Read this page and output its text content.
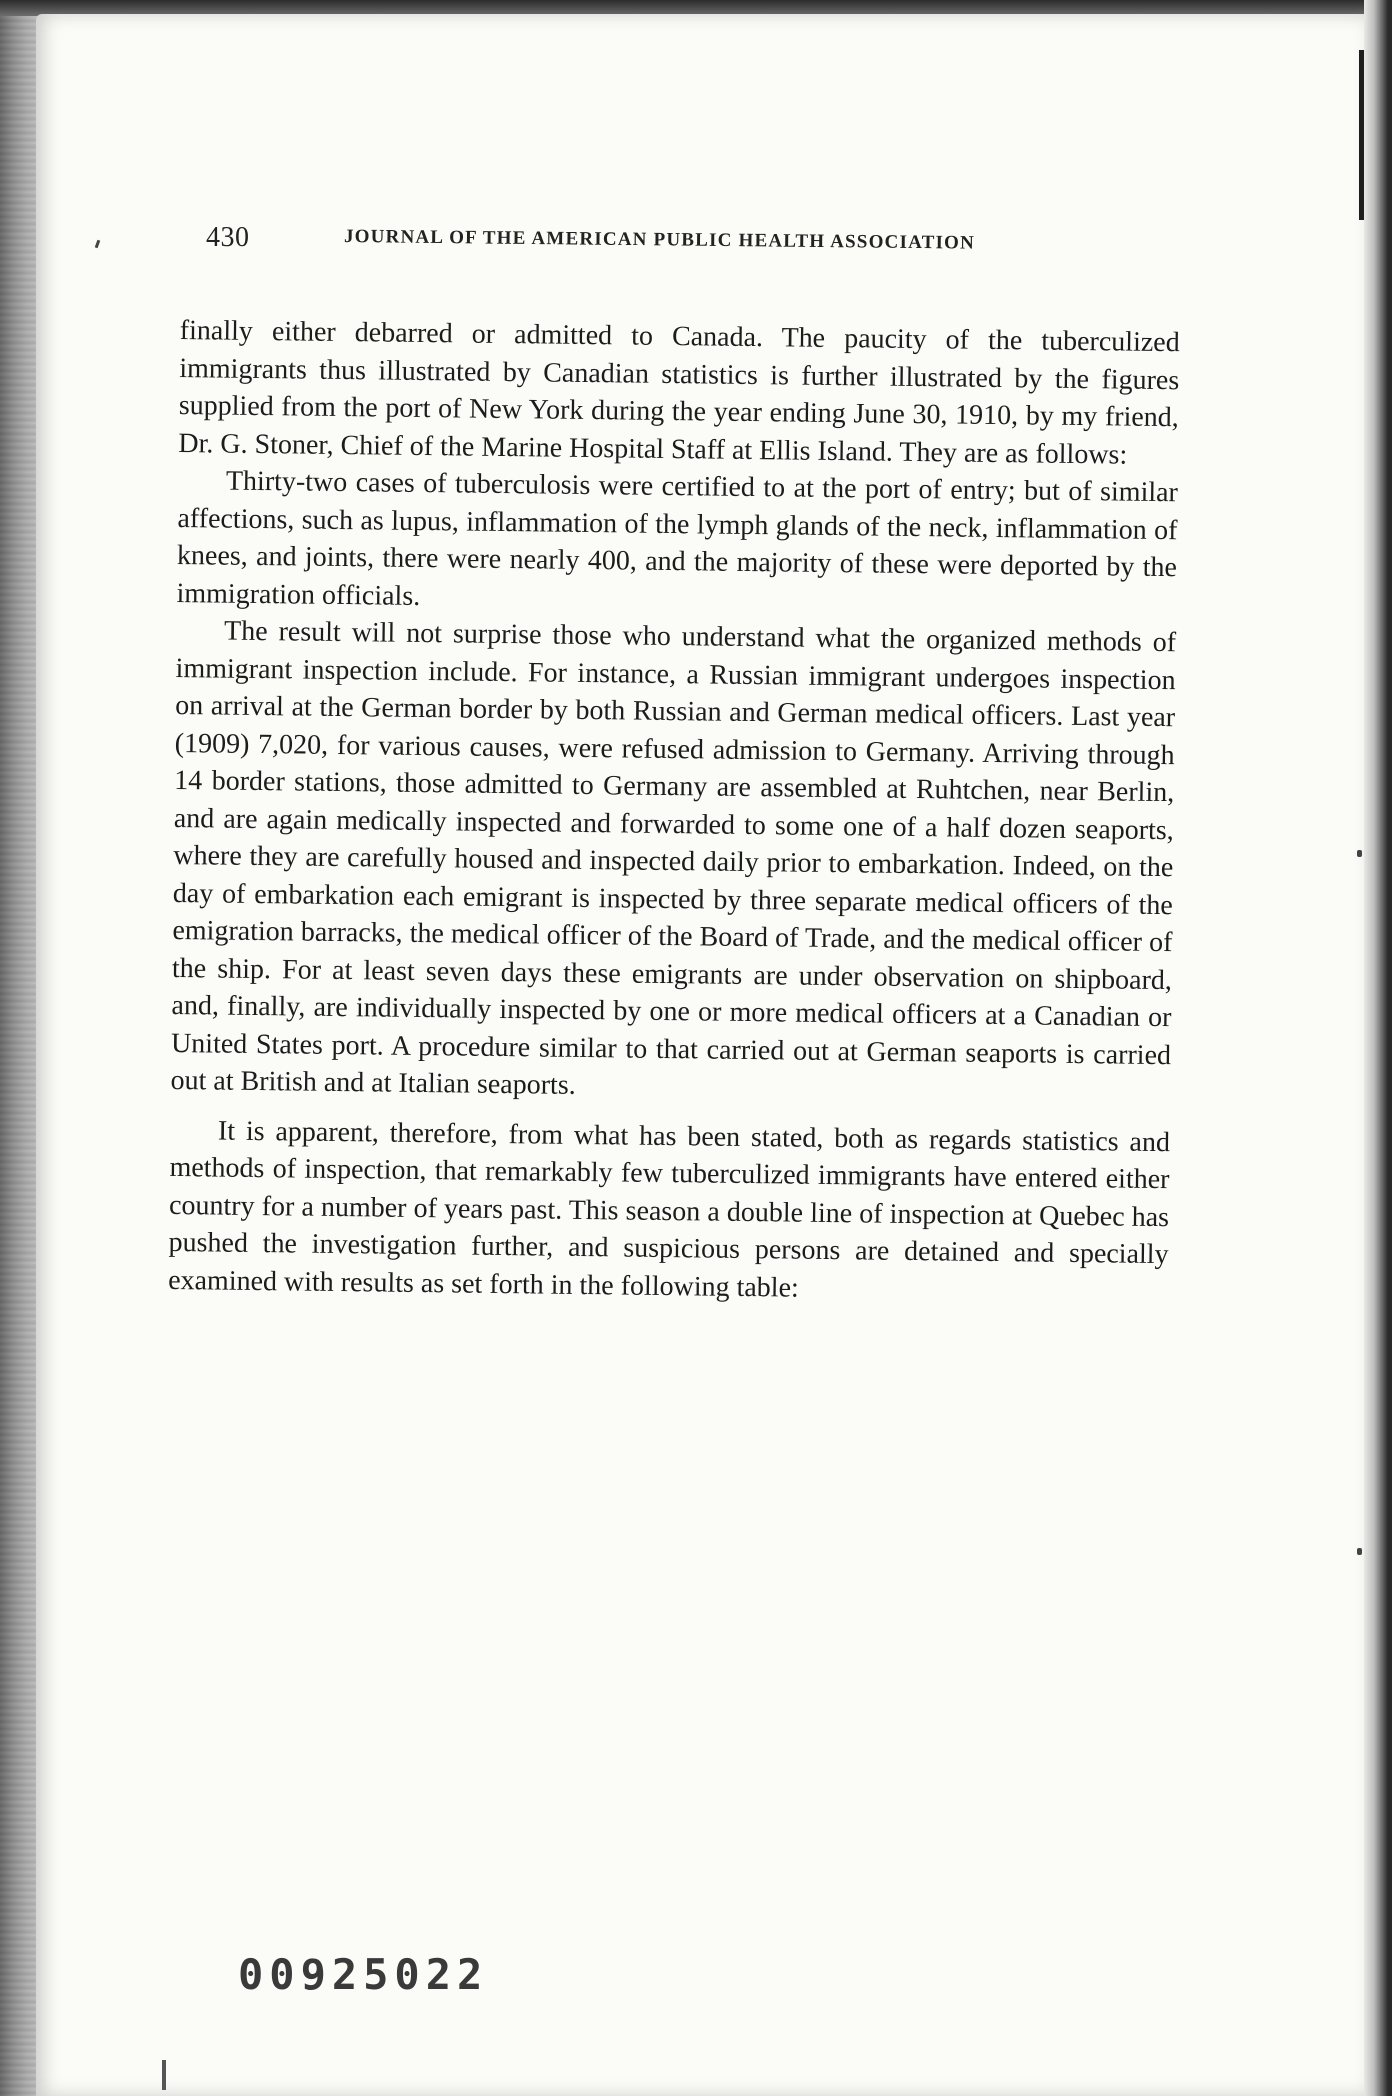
430	JOURNAL OF THE AMERICAN PUBLIC HEALTH ASSOCIATION

finally either debarred or admitted to Canada. The paucity of the tuberculized immigrants thus illustrated by Canadian statistics is further illustrated by the figures supplied from the port of New York during the year ending June 30, 1910, by my friend, Dr. G. Stoner, Chief of the Marine Hospital Staff at Ellis Island. They are as follows:

Thirty-two cases of tuberculosis were certified to at the port of entry; but of similar affections, such as lupus, inflammation of the lymph glands of the neck, inflammation of knees, and joints, there were nearly 400, and the majority of these were deported by the immigration officials.

The result will not surprise those who understand what the organized methods of immigrant inspection include. For instance, a Russian immigrant undergoes inspection on arrival at the German border by both Russian and German medical officers. Last year (1909) 7,020, for various causes, were refused admission to Germany. Arriving through 14 border stations, those admitted to Germany are assembled at Ruhtchen, near Berlin, and are again medically inspected and forwarded to some one of a half dozen seaports, where they are carefully housed and inspected daily prior to embarkation. Indeed, on the day of embarkation each emigrant is inspected by three separate medical officers of the emigration barracks, the medical officer of the Board of Trade, and the medical officer of the ship. For at least seven days these emigrants are under observation on shipboard, and, finally, are individually inspected by one or more medical officers at a Canadian or United States port. A procedure similar to that carried out at German seaports is carried out at British and at Italian seaports.

It is apparent, therefore, from what has been stated, both as regards statistics and methods of inspection, that remarkably few tuberculized immigrants have entered either country for a number of years past. This season a double line of inspection at Quebec has pushed the investigation further, and suspicious persons are detained and specially examined with results as set forth in the following table:

00925022
